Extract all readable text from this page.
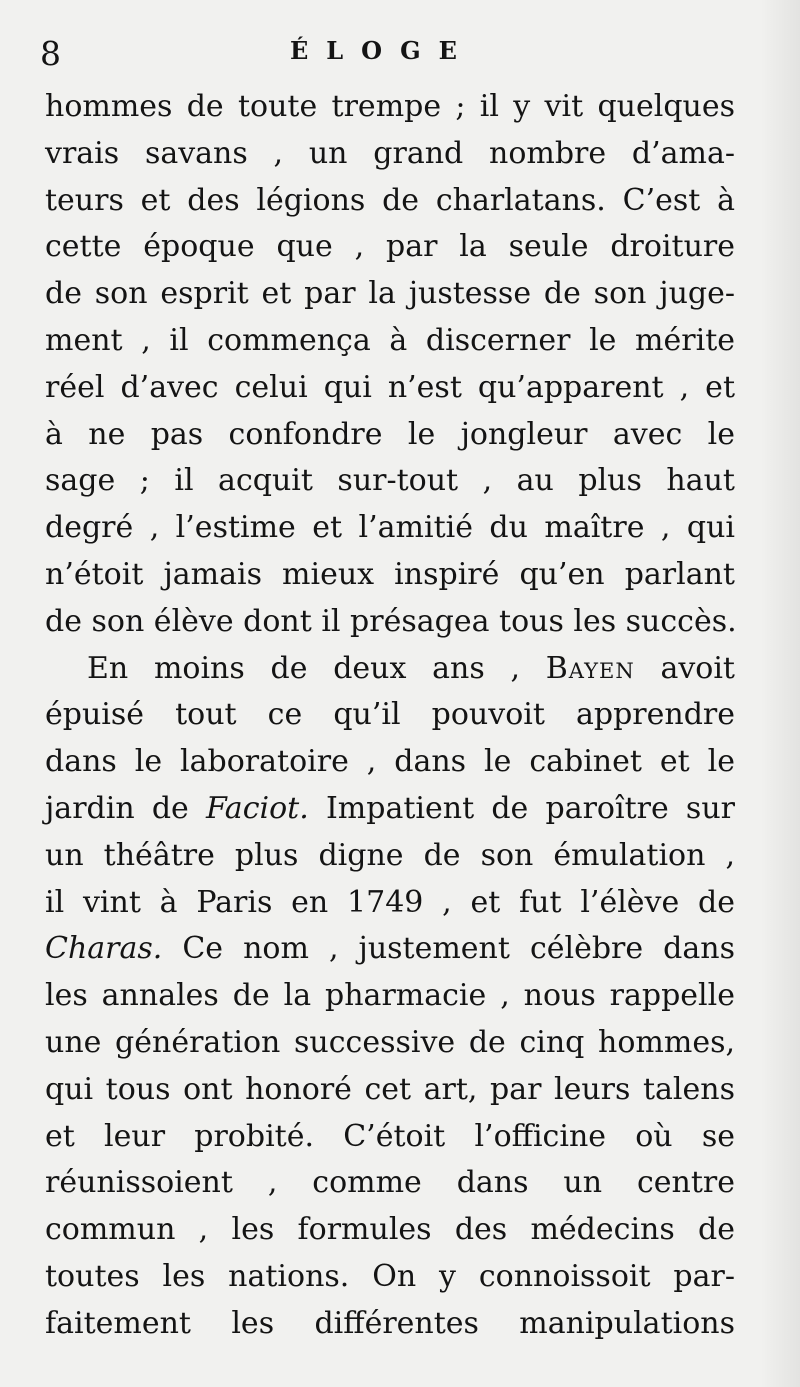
8	ÉLOGE
hommes de toute trempe ; il y vit quelques
vrais savans , un grand nombre d’ama-
teurs et des légions de charlatans. C’est à
cette époque que , par la seule droiture
de son esprit et par la justesse de son juge-
ment , il commença à discerner le mérite
réel d’avec celui qui n’est qu’apparent , et
à ne pas confondre le jongleur avec le
sage ; il acquit sur-tout , au plus haut
degré , l’estime et l’amitié du maître , qui
n’étoit jamais mieux inspiré qu’en parlant
de son élève dont il présagea tous les succès.
En moins de deux ans , Bayen avoit
épuisé tout ce qu’il pouvoit apprendre
dans le laboratoire , dans le cabinet et le
jardin de Faciot. Impatient de paroître sur
un théâtre plus digne de son émulation ,
il vint à Paris en 1749 , et fut l’élève de
Charas. Ce nom , justement célèbre dans
les annales de la pharmacie , nous rappelle
une génération successive de cinq hommes,
qui tous ont honoré cet art, par leurs talens
et leur probité. C’étoit l’officine où se
réunissoient , comme dans un centre
commun , les formules des médecins de
toutes les nations. On y connoissoit par-
faitement les différentes manipulations
